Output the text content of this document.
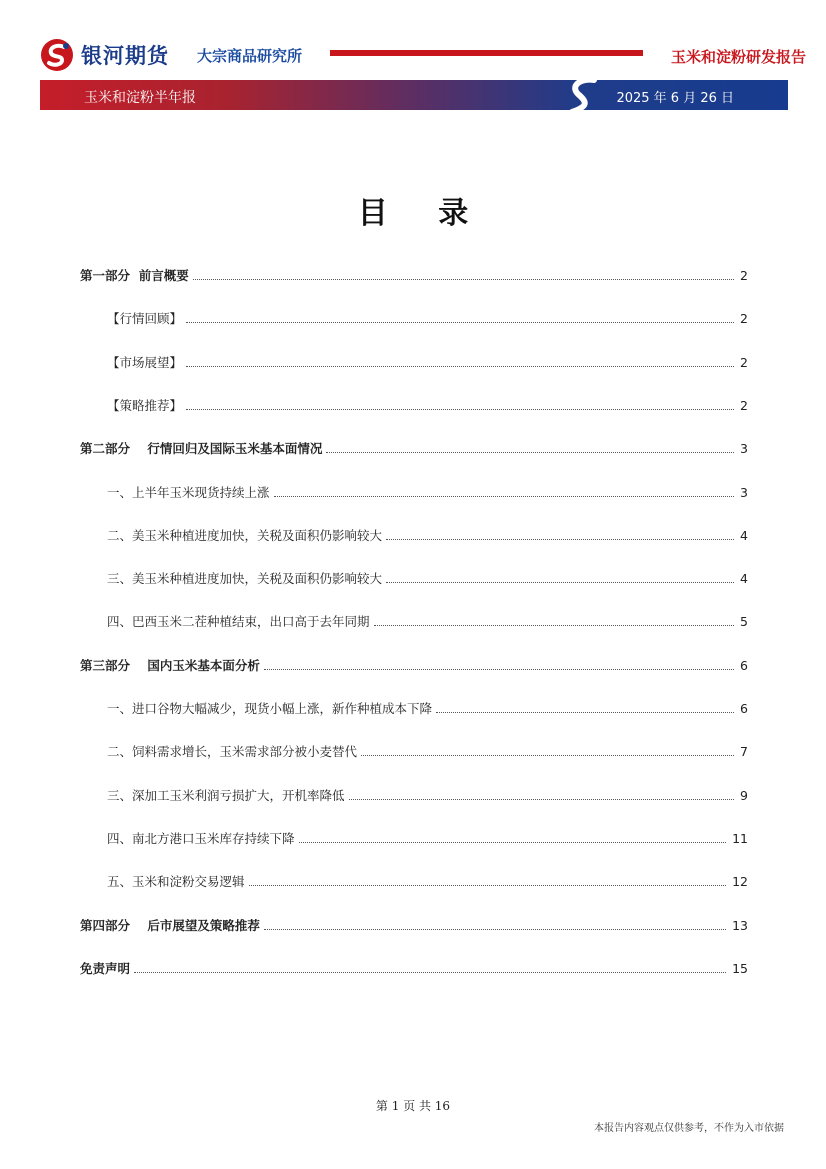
银河期货 大宗商品研究所	玉米和淀粉研发报告
玉米和淀粉半年报	2025 年 6 月 26 日
目 录
第一部分  前言概要	2
【行情回顾】	2
【市场展望】	2
【策略推荐】	2
第二部分    行情回归及国际玉米基本面情况	3
一、上半年玉米现货持续上涨	3
二、美玉米种植进度加快，关税及面积仍影响较大	4
三、美玉米种植进度加快，关税及面积仍影响较大	4
四、巴西玉米二茬种植结束，出口高于去年同期	5
第三部分    国内玉米基本面分析	6
一、进口谷物大幅减少，现货小幅上涨，新作种植成本下降	6
二、饲料需求增长，玉米需求部分被小麦替代	7
三、深加工玉米利润亏损扩大，开机率降低	9
四、南北方港口玉米库存持续下降	11
五、玉米和淀粉交易逻辑	12
第四部分    后市展望及策略推荐	13
免责声明	15
第 1 页 共 16
本报告内容观点仅供参考，不作为入市依据
